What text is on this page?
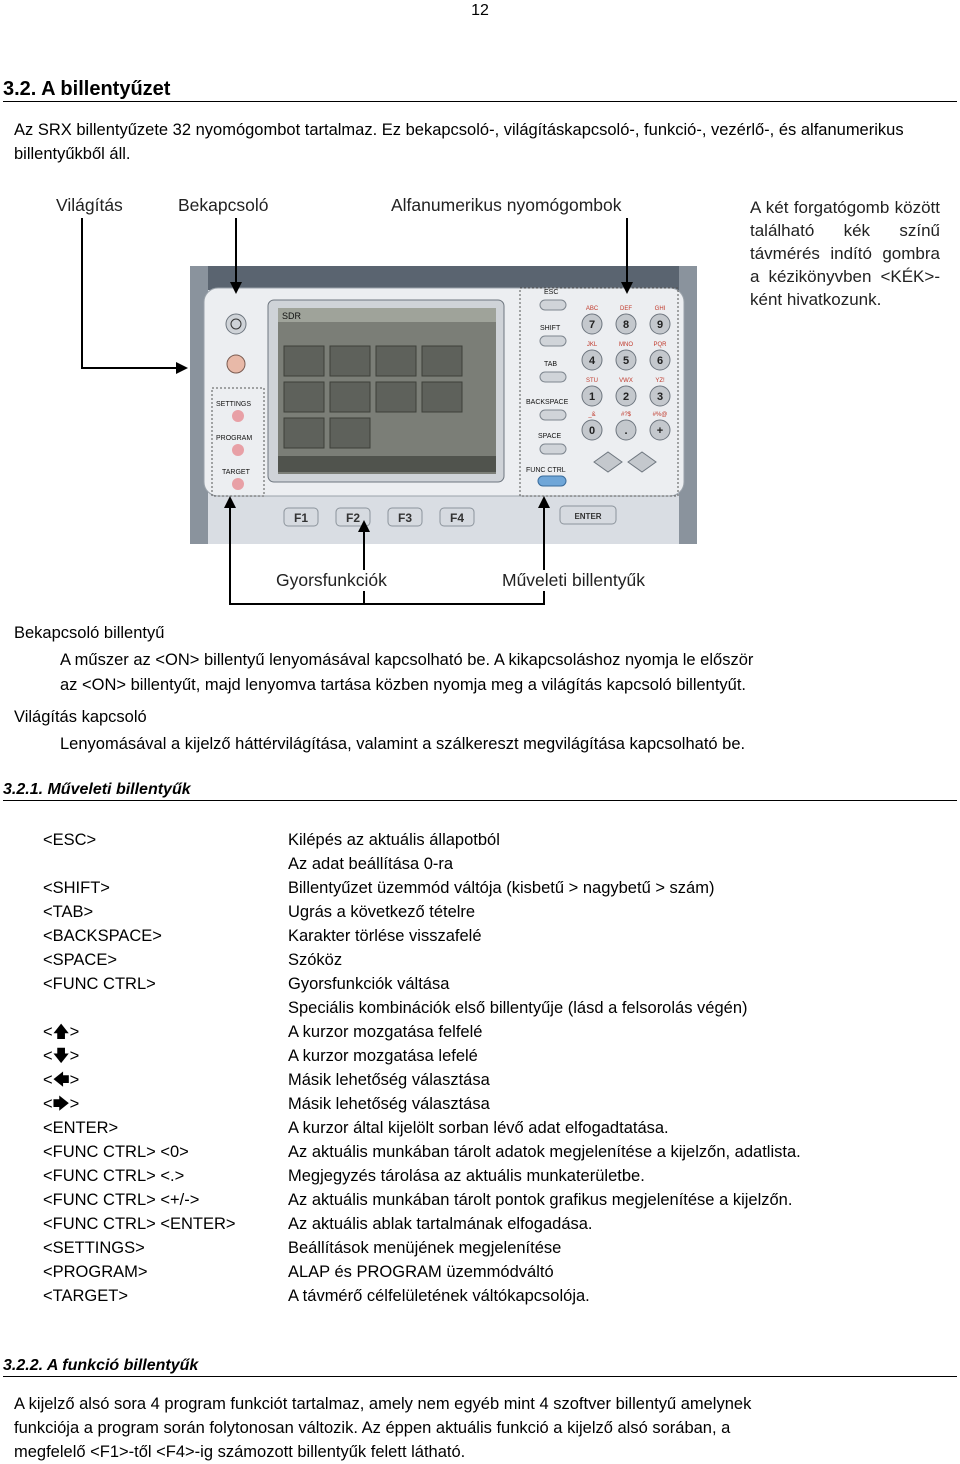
12
3.2. A billentyűzet
Az SRX billentyűzete 32 nyomógombot tartalmaz. Ez bekapcsoló-, világításkapcsoló-, funkció-, vezérlő-, és alfanumerikus billentyűkből áll.
Világítás	Bekapcsoló	Alfanumerikus nyomógombok	A két forgatógomb között található kék színű távmérés indító gombra a kézikönyvben <KÉK>-ként hivatkozunk.
SDR
SETTINGS
PROGRAM
TARGET
ESC
SHIFT
TAB
BACKSPACE
SPACE
FUNC CTRL
7	8	9
4	5	6
1	2	3
0	.	+
ABC	DEF	GHI
JKL	MNO	PQR
STU	VWX	YZ!
_&	#?$	#%@
F1	F2	F3	F4	ENTER
Gyorsfunkciók	Műveleti billentyűk
Bekapcsoló billentyű
A műszer az <ON> billentyű lenyomásával kapcsolható be. A kikapcsoláshoz nyomja le először
az <ON> billentyűt, majd lenyomva tartása közben nyomja meg a világítás kapcsoló billentyűt.
Világítás kapcsoló
Lenyomásával a kijelző háttérvilágítása, valamint a szálkereszt megvilágítása kapcsolható be.
3.2.1. Műveleti billentyűk
<ESC>	Kilépés az aktuális állapotból
Az adat beállítása 0-ra
<SHIFT>	Billentyűzet üzemmód váltója (kisbetű > nagybetű > szám)
<TAB>	Ugrás a következő tételre
<BACKSPACE>	Karakter törlése visszafelé
<SPACE>	Szóköz
<FUNC CTRL>	Gyorsfunkciók váltása
Speciális kombinációk első billentyűje (lásd a felsorolás végén)
<🡅>	A kurzor mozgatása felfelé
<🡇>	A kurzor mozgatása lefelé
<🡄>	Másik lehetőség választása
<🡆>	Másik lehetőség választása
<ENTER>	A kurzor által kijelölt sorban lévő adat elfogadtatása.
<FUNC CTRL> <0>	Az aktuális munkában tárolt adatok megjelenítése a kijelzőn, adatlista.
<FUNC CTRL> <.>	Megjegyzés tárolása az aktuális munkaterületbe.
<FUNC CTRL> <+/->	Az aktuális munkában tárolt pontok grafikus megjelenítése a kijelzőn.
<FUNC CTRL> <ENTER>	Az aktuális ablak tartalmának elfogadása.
<SETTINGS>	Beállítások menüjének megjelenítése
<PROGRAM>	ALAP és PROGRAM üzemmódváltó
<TARGET>	A távmérő célfelületének váltókapcsolója.
3.2.2. A funkció billentyűk
A kijelző alsó sora 4 program funkciót tartalmaz, amely nem egyéb mint 4 szoftver billentyű amelynek
funkciója a program során folytonosan változik. Az éppen aktuális funkció a kijelző alsó sorában, a
megfelelő <F1>-től <F4>-ig számozott billentyűk felett látható.
